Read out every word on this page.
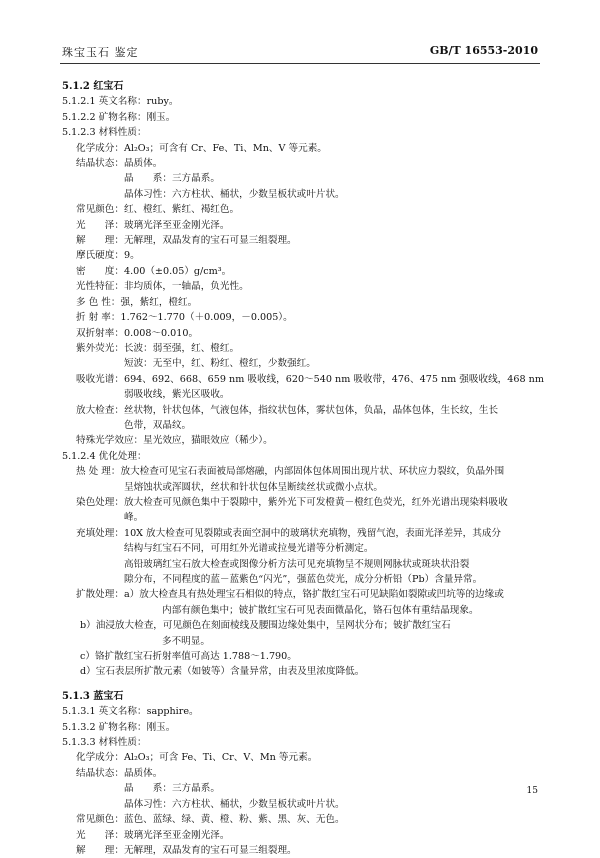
珠宝玉石 鉴定	GB/T 16553-2010
5.1.2 红宝石
5.1.2.1 英文名称：ruby。
5.1.2.2 矿物名称：刚玉。
5.1.2.3 材料性质：
化学成分：Al₂O₃；可含有 Cr、Fe、Ti、Mn、V 等元素。
结晶状态：晶质体。
晶　　系：三方晶系。
晶体习性：六方柱状、桶状，少数呈板状或叶片状。
常见颜色：红、橙红、紫红、褐红色。
光　　泽：玻璃光泽至亚金刚光泽。
解　　理：无解理，双晶发育的宝石可显三组裂理。
摩氏硬度：9。
密　　度：4.00（±0.05）g/cm³。
光性特征：非均质体，一轴晶，负光性。
多 色 性：强，紫红，橙红。
折 射 率：1.762～1.770（＋0.009，－0.005）。
双折射率：0.008～0.010。
紫外荧光：长波：弱至强，红、橙红。
短波：无至中，红、粉红、橙红，少数强红。
吸收光谱：694、692、668、659 nm 吸收线，620～540 nm 吸收带，476、475 nm 强吸收线，468 nm
弱吸收线，紫光区吸收。
放大检查：丝状物，针状包体，气液包体，指纹状包体，雾状包体，负晶，晶体包体，生长纹，生长
色带，双晶纹。
特殊光学效应：星光效应，猫眼效应（稀少）。
5.1.2.4 优化处理：
热 处 理：放大检查可见宝石表面被局部熔融，内部固体包体周围出现片状、环状应力裂纹，负晶外围
呈熔蚀状或浑圆状，丝状和针状包体呈断续丝状或微小点状。
染色处理：放大检查可见颜色集中于裂隙中，紫外光下可发橙黄－橙红色荧光，红外光谱出现染料吸收
峰。
充填处理：10X 放大检查可见裂隙或表面空洞中的玻璃状充填物，残留气泡，表面光泽差异，其成分
结构与红宝石不同，可用红外光谱或拉曼光谱等分析测定。
高铅玻璃红宝石放大检查或图像分析方法可见充填物呈不规则网脉状或斑块状沿裂
隙分布，不同程度的蓝－蓝紫色“闪光”，强蓝色荧光，成分分析铅（Pb）含量异常。
扩散处理：a）放大检查具有热处理宝石相似的特点，铬扩散红宝石可见缺陷如裂隙或凹坑等的边缘或
内部有颜色集中；铍扩散红宝石可见表面微晶化，铬石包体有重结晶现象。
b）油浸放大检查，可见颜色在刻面棱线及腰围边缘处集中，呈网状分布；铍扩散红宝石
多不明显。
c）铬扩散红宝石折射率值可高达 1.788～1.790。
d）宝石表层所扩散元素（如铍等）含量异常，由表及里浓度降低。
5.1.3 蓝宝石
5.1.3.1 英文名称：sapphire。
5.1.3.2 矿物名称：刚玉。
5.1.3.3 材料性质：
化学成分：Al₂O₃；可含 Fe、Ti、Cr、V、Mn 等元素。
结晶状态：晶质体。
晶　　系：三方晶系。
晶体习性：六方柱状、桶状，少数呈板状或叶片状。
常见颜色：蓝色、蓝绿、绿、黄、橙、粉、紫、黑、灰、无色。
光　　泽：玻璃光泽至亚金刚光泽。
解　　理：无解理，双晶发育的宝石可显三组裂理。
15
